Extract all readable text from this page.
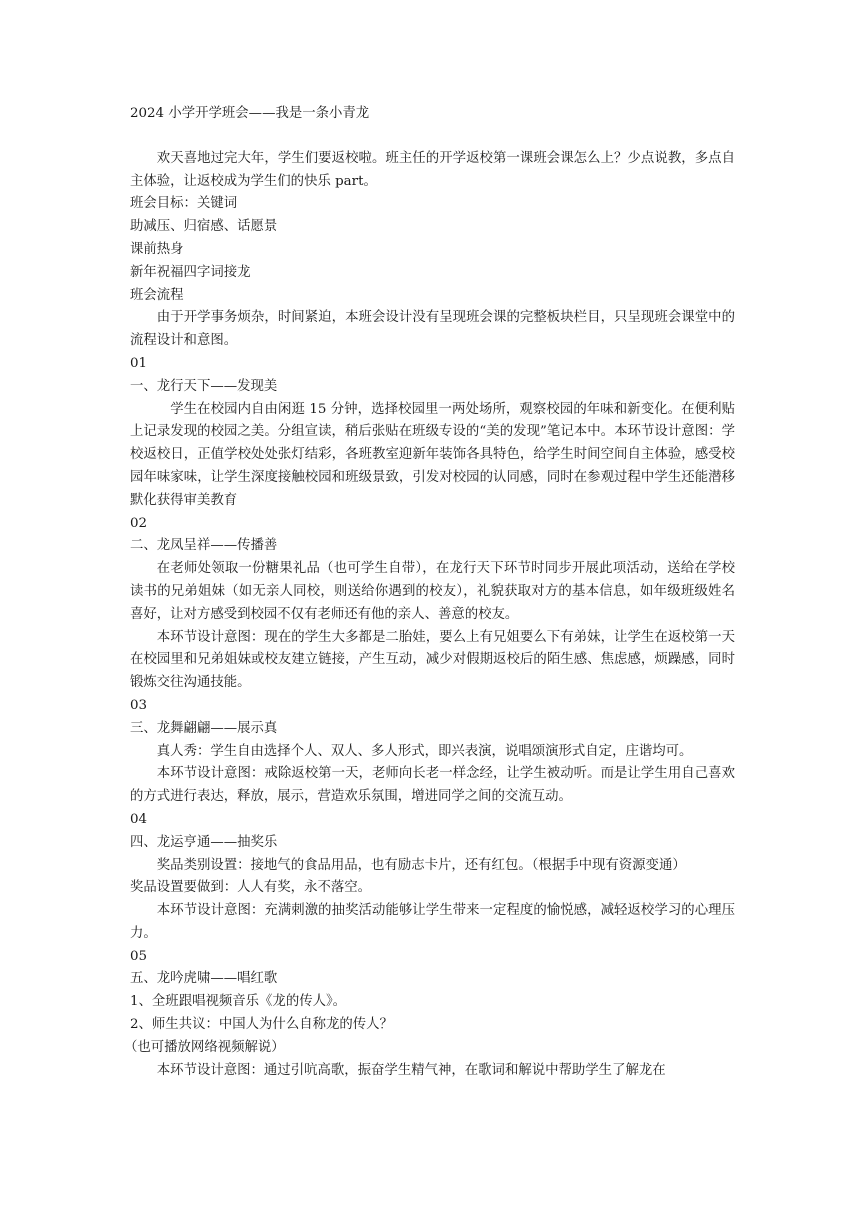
2024 小学开学班会——我是一条小青龙

欢天喜地过完大年，学生们要返校啦。班主任的开学返校第一课班会课怎么上？少点说教，多点自主体验，让返校成为学生们的快乐 part。

班会目标：关键词

助减压、归宿感、话愿景

课前热身

新年祝福四字词接龙

班会流程

由于开学事务烦杂，时间紧迫，本班会设计没有呈现班会课的完整板块栏目，只呈现班会课堂中的流程设计和意图。

01

一、龙行天下——发现美

学生在校园内自由闲逛 15 分钟，选择校园里一两处场所，观察校园的年味和新变化。在便利贴上记录发现的校园之美。分组宣读，稍后张贴在班级专设的“美的发现”笔记本中。本环节设计意图：学校返校日，正值学校处处张灯结彩，各班教室迎新年装饰各具特色，给学生时间空间自主体验，感受校园年味家味，让学生深度接触校园和班级景致，引发对校园的认同感，同时在参观过程中学生还能潜移默化获得审美教育

02

二、龙凤呈祥——传播善

在老师处领取一份糖果礼品（也可学生自带），在龙行天下环节时同步开展此项活动，送给在学校读书的兄弟姐妹（如无亲人同校，则送给你遇到的校友），礼貌获取对方的基本信息，如年级班级姓名喜好，让对方感受到校园不仅有老师还有他的亲人、善意的校友。

本环节设计意图：现在的学生大多都是二胎娃，要么上有兄姐要么下有弟妹，让学生在返校第一天在校园里和兄弟姐妹或校友建立链接，产生互动，减少对假期返校后的陌生感、焦虑感，烦躁感，同时锻炼交往沟通技能。

03

三、龙舞翩翩——展示真

真人秀：学生自由选择个人、双人、多人形式，即兴表演，说唱颂演形式自定，庄谐均可。

本环节设计意图：戒除返校第一天，老师向长老一样念经，让学生被动听。而是让学生用自己喜欢的方式进行表达，释放，展示，营造欢乐氛围，增进同学之间的交流互动。

04

四、龙运亨通——抽奖乐

奖品类别设置：接地气的食品用品，也有励志卡片，还有红包。（根据手中现有资源变通）

奖品设置要做到：人人有奖，永不落空。

本环节设计意图：充满刺激的抽奖活动能够让学生带来一定程度的愉悦感，减轻返校学习的心理压力。

05

五、龙吟虎啸——唱红歌

1、全班跟唱视频音乐《龙的传人》。

2、师生共议：中国人为什么自称龙的传人？

（也可播放网络视频解说）

本环节设计意图：通过引吭高歌，振奋学生精气神，在歌词和解说中帮助学生了解龙在
